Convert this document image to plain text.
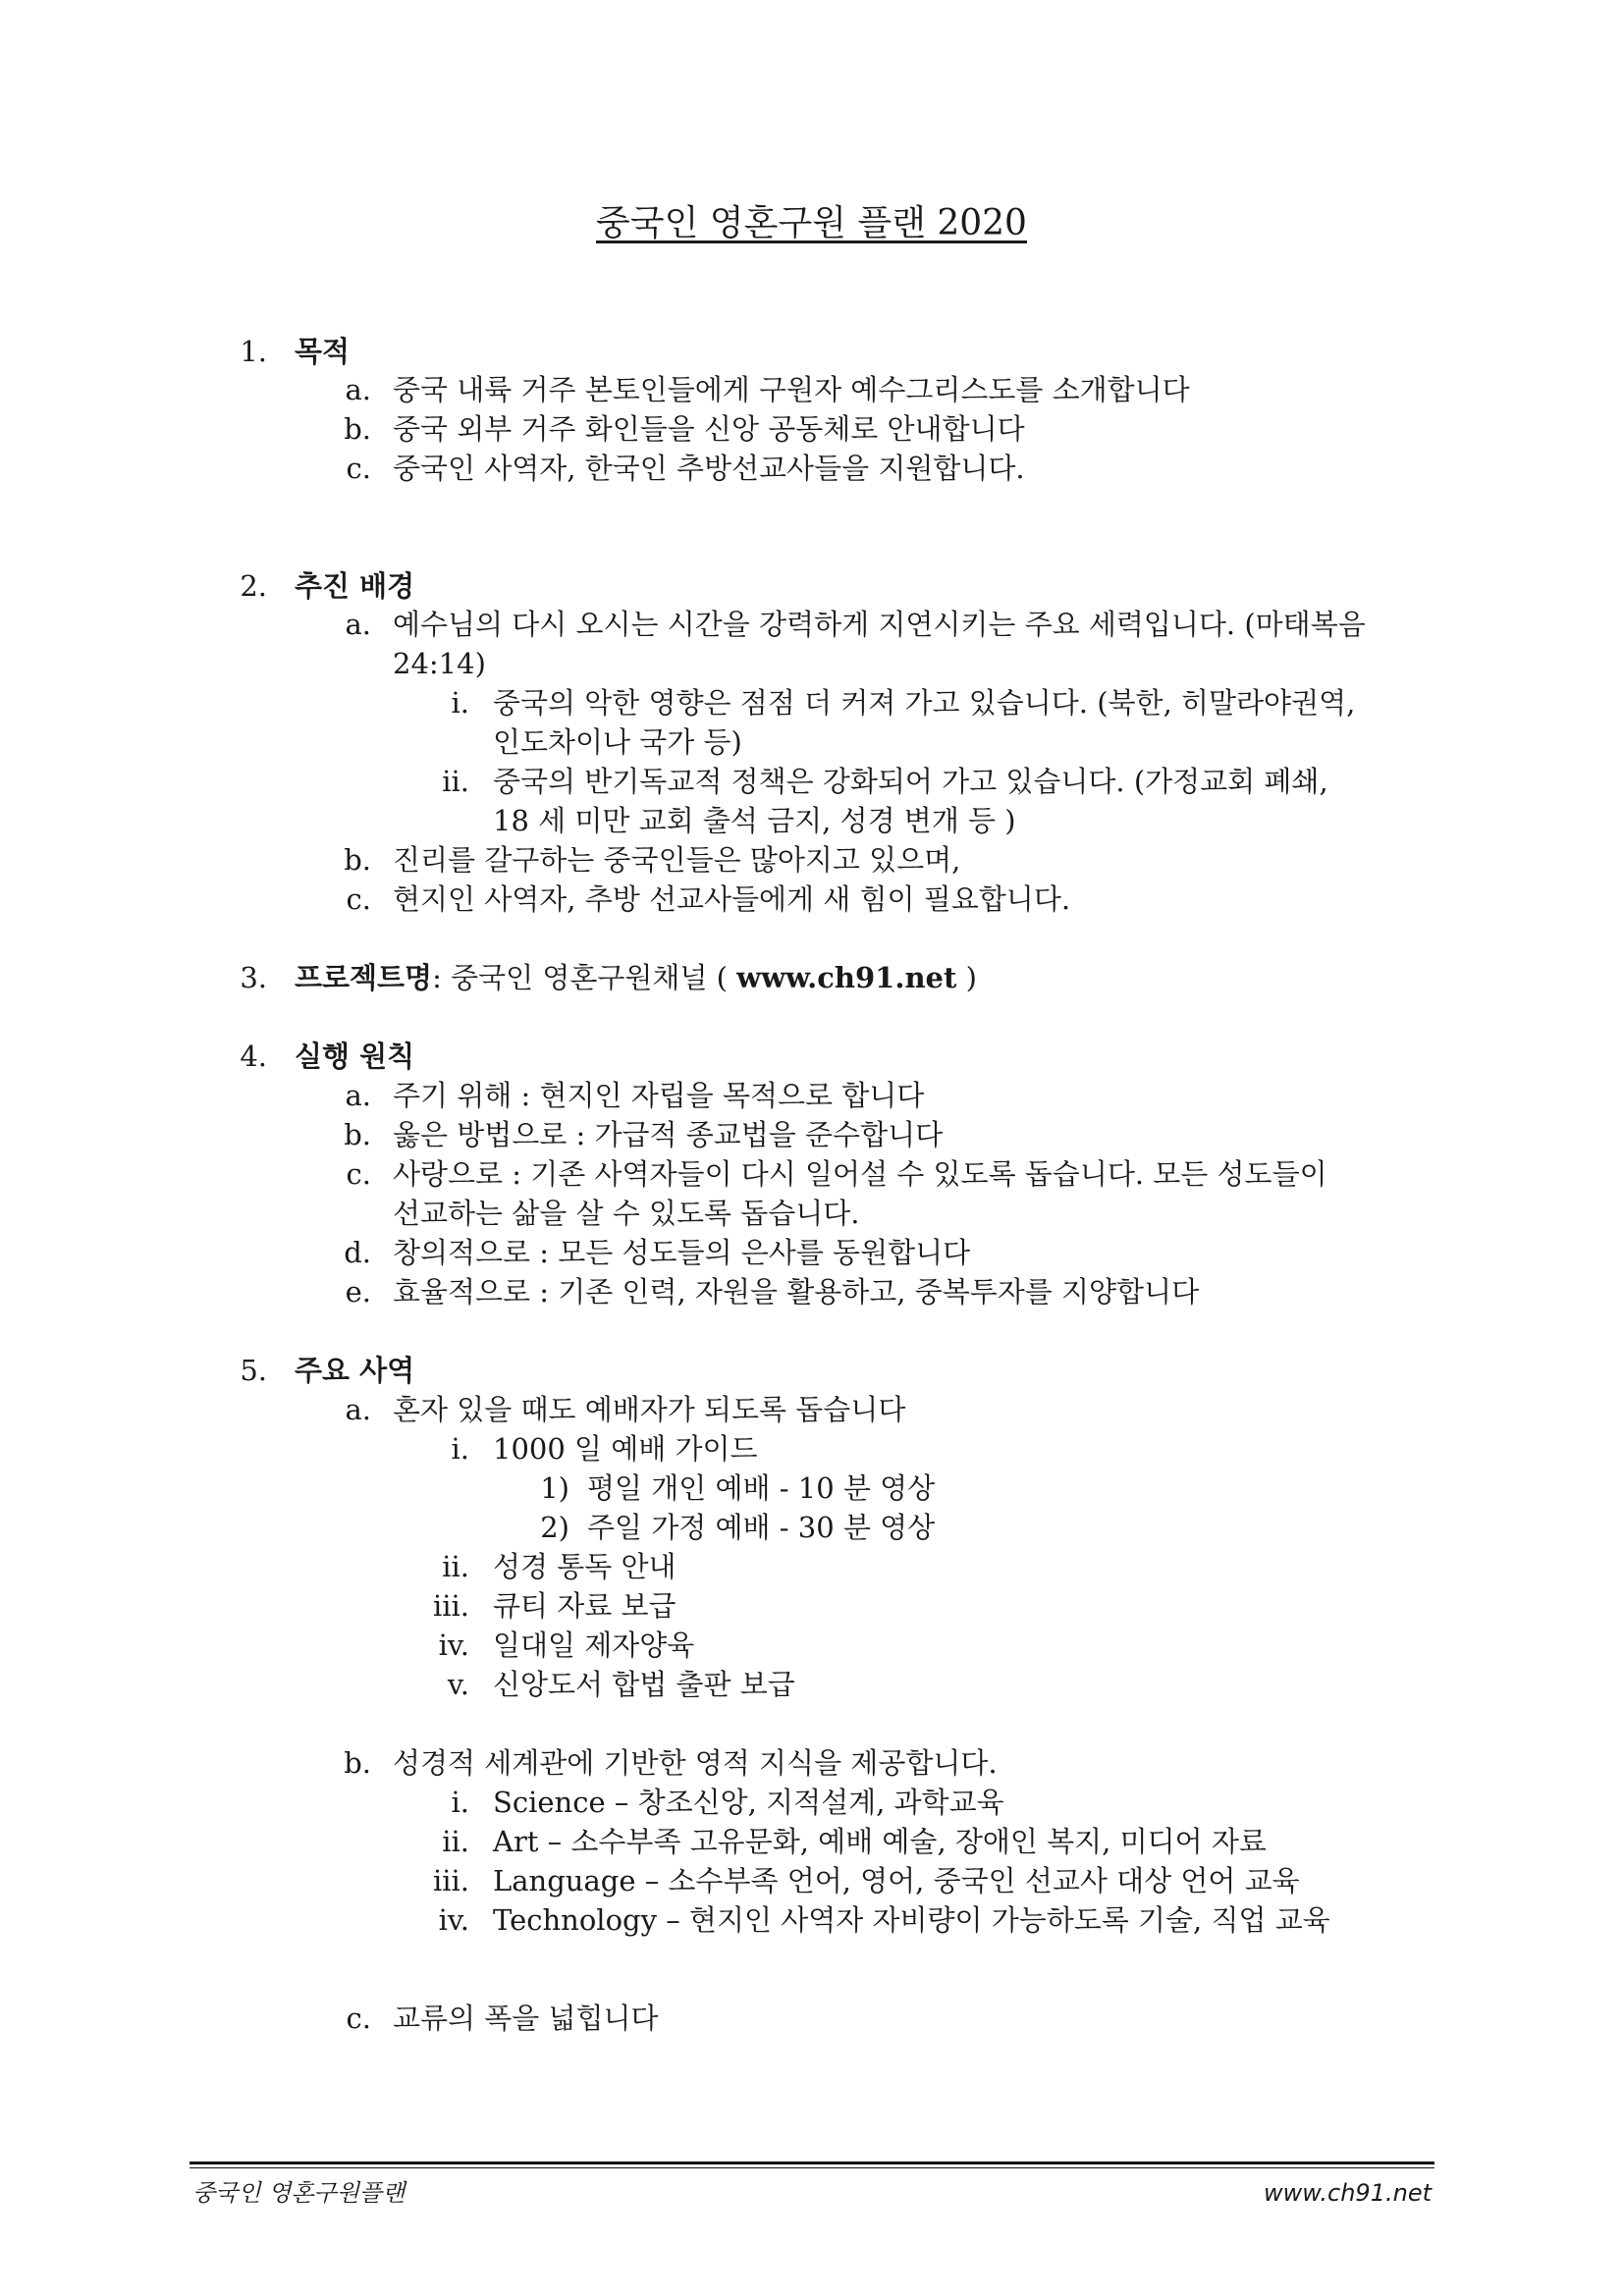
중국인 영혼구원 플랜 2020
1. 목적
a. 중국 내륙 거주 본토인들에게 구원자 예수그리스도를 소개합니다
b. 중국 외부 거주 화인들을 신앙 공동체로 안내합니다
c. 중국인 사역자, 한국인 추방선교사들을 지원합니다.
2. 추진 배경
a. 예수님의 다시 오시는 시간을 강력하게 지연시키는 주요 세력입니다. (마태복음
24:14)
i. 중국의 악한 영향은 점점 더 커져 가고 있습니다. (북한, 히말라야권역,
인도차이나 국가 등)
ii. 중국의 반기독교적 정책은 강화되어 가고 있습니다. (가정교회 폐쇄,
18 세 미만 교회 출석 금지, 성경 변개 등 )
b. 진리를 갈구하는 중국인들은 많아지고 있으며,
c. 현지인 사역자, 추방 선교사들에게 새 힘이 필요합니다.
3. 프로젝트명: 중국인 영혼구원채널 ( www.ch91.net )
4. 실행 원칙
a. 주기 위해 : 현지인 자립을 목적으로 합니다
b. 옳은 방법으로 : 가급적 종교법을 준수합니다
c. 사랑으로 : 기존 사역자들이 다시 일어설 수 있도록 돕습니다. 모든 성도들이
선교하는 삶을 살 수 있도록 돕습니다.
d. 창의적으로 : 모든 성도들의 은사를 동원합니다
e. 효율적으로 : 기존 인력, 자원을 활용하고, 중복투자를 지양합니다
5. 주요 사역
a. 혼자 있을 때도 예배자가 되도록 돕습니다
i. 1000 일 예배 가이드
1) 평일 개인 예배 - 10 분 영상
2) 주일 가정 예배 - 30 분 영상
ii. 성경 통독 안내
iii. 큐티 자료 보급
iv. 일대일 제자양육
v. 신앙도서 합법 출판 보급
b. 성경적 세계관에 기반한 영적 지식을 제공합니다.
i. Science – 창조신앙, 지적설계, 과학교육
ii. Art – 소수부족 고유문화, 예배 예술, 장애인 복지, 미디어 자료
iii. Language – 소수부족 언어, 영어, 중국인 선교사 대상 언어 교육
iv. Technology – 현지인 사역자 자비량이 가능하도록 기술, 직업 교육
c. 교류의 폭을 넓힙니다
중국인 영혼구원플랜	www.ch91.net
